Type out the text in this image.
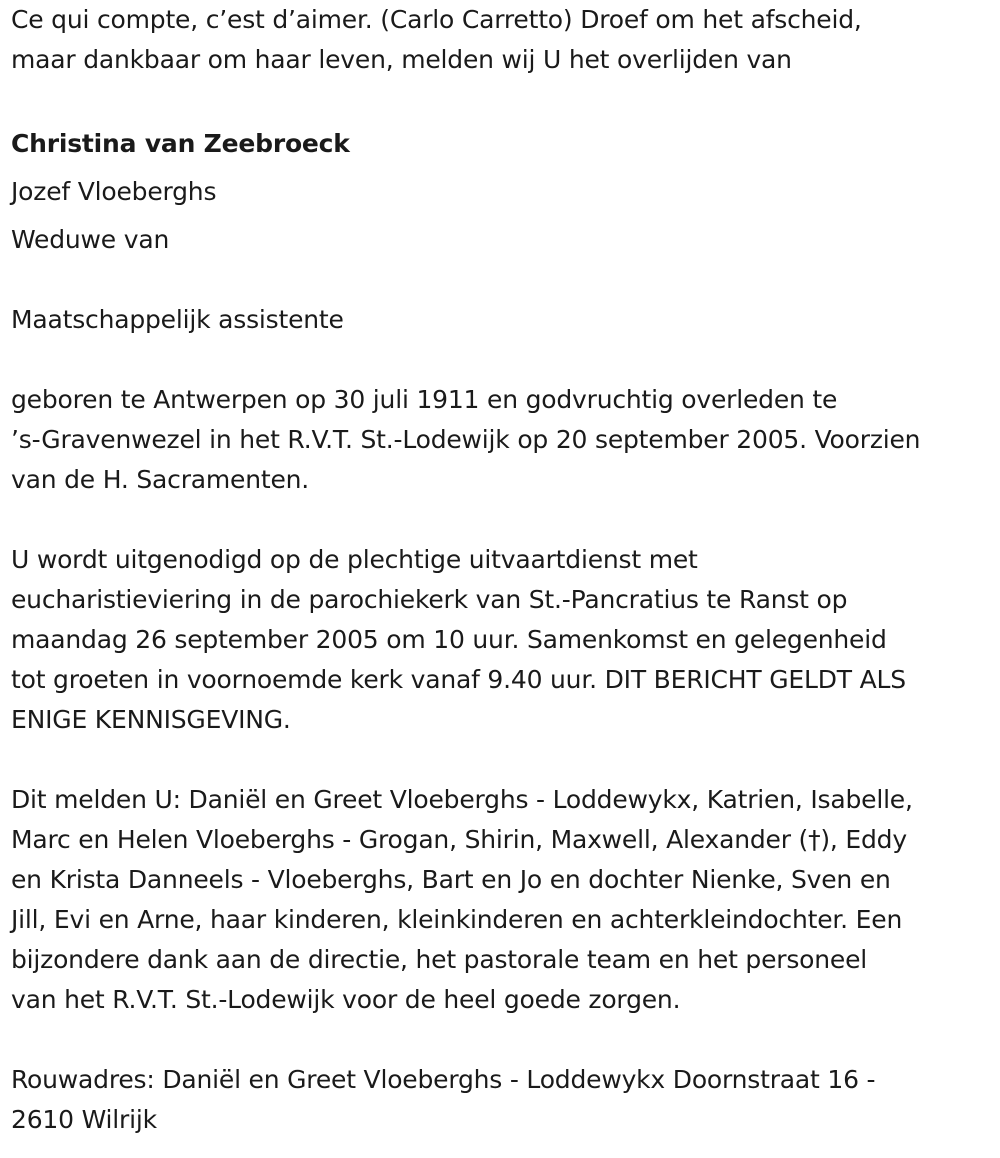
Ce qui compte, c’est d’aimer. (Carlo Carretto) Droef om het afscheid,

maar dankbaar om haar leven, melden wij U het overlijden van

Christina van Zeebroeck

Jozef Vloeberghs

Weduwe van

Maatschappelijk assistente

geboren te Antwerpen op 30 juli 1911 en godvruchtig overleden te

’s-Gravenwezel in het R.V.T. St.-Lodewijk op 20 september 2005. Voorzien

van de H. Sacramenten.

U wordt uitgenodigd op de plechtige uitvaartdienst met

eucharistieviering in de parochiekerk van St.-Pancratius te Ranst op

maandag 26 september 2005 om 10 uur. Samenkomst en gelegenheid

tot groeten in voornoemde kerk vanaf 9.40 uur. DIT BERICHT GELDT ALS

ENIGE KENNISGEVING.

Dit melden U: Daniël en Greet Vloeberghs - Loddewykx, Katrien, Isabelle,

Marc en Helen Vloeberghs - Grogan, Shirin, Maxwell, Alexander (†), Eddy

en Krista Danneels - Vloeberghs, Bart en Jo en dochter Nienke, Sven en

Jill, Evi en Arne, haar kinderen, kleinkinderen en achterkleindochter. Een

bijzondere dank aan de directie, het pastorale team en het personeel

van het R.V.T. St.-Lodewijk voor de heel goede zorgen.

Rouwadres: Daniël en Greet Vloeberghs - Loddewykx Doornstraat 16 -

2610 Wilrijk
